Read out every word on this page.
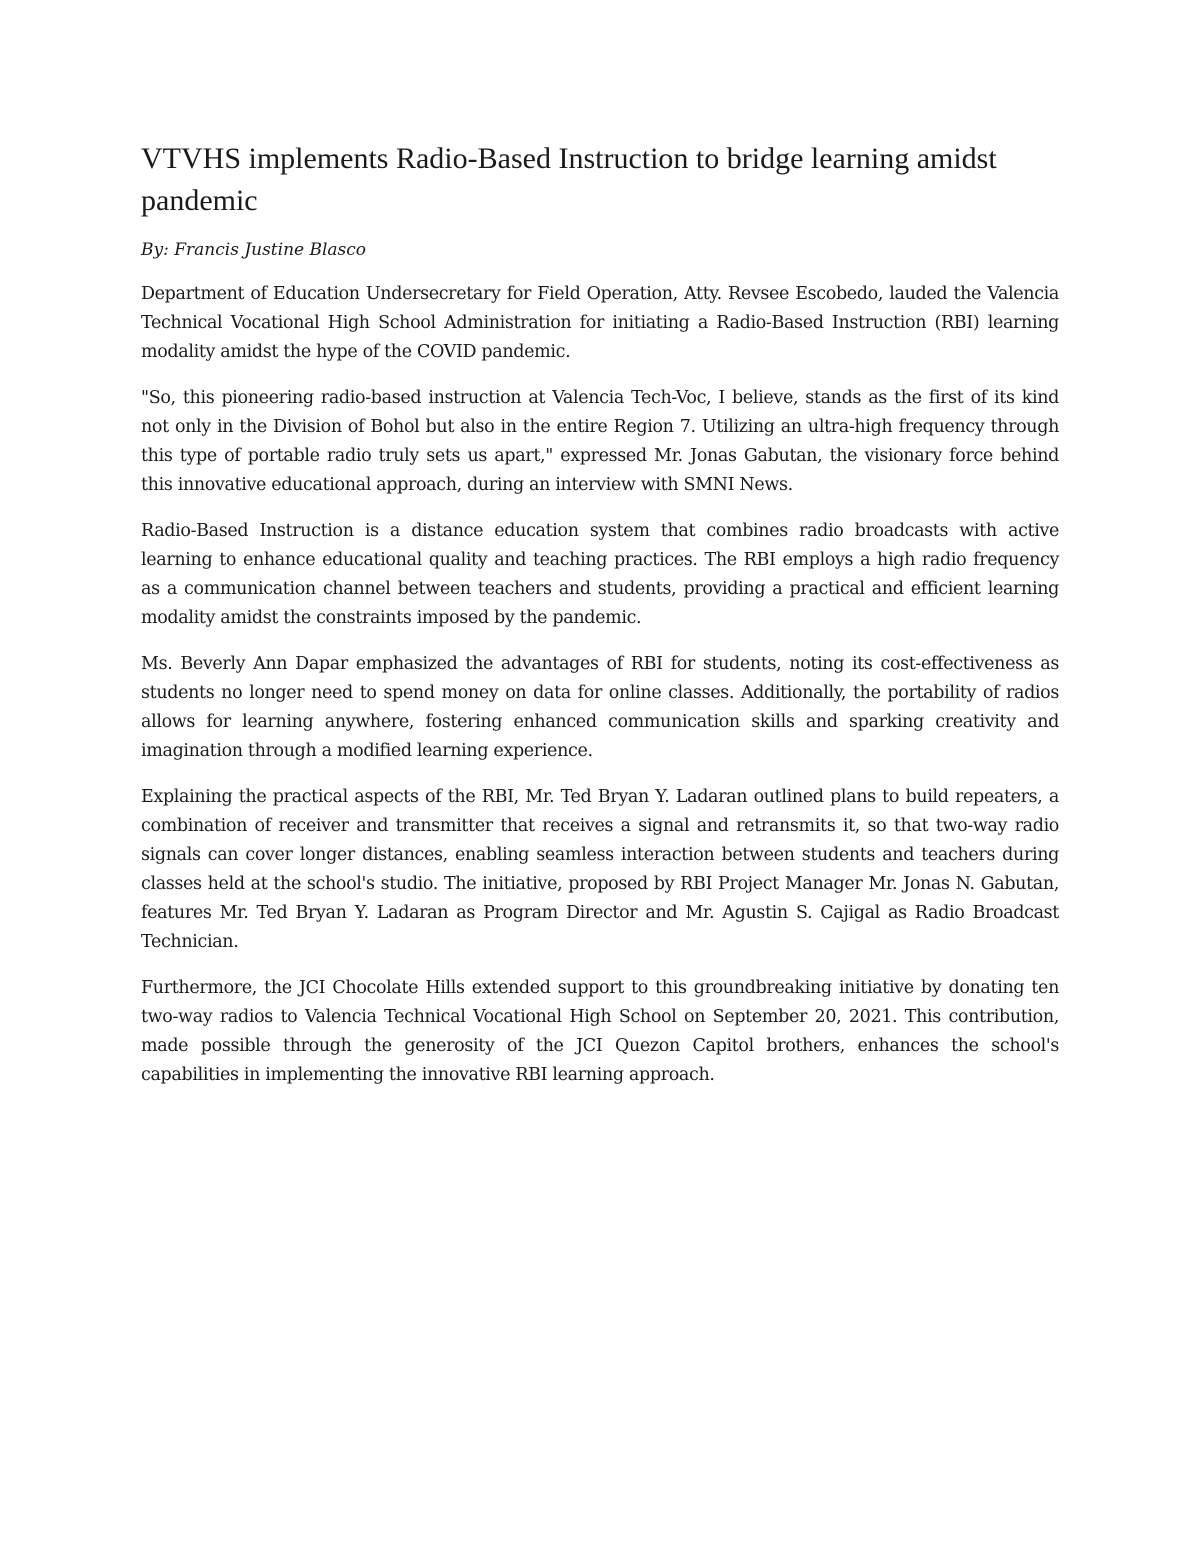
VTVHS implements Radio-Based Instruction to bridge learning amidst pandemic

By: Francis Justine Blasco

Department of Education Undersecretary for Field Operation, Atty. Revsee Escobedo, lauded the Valencia Technical Vocational High School Administration for initiating a Radio-Based Instruction (RBI) learning modality amidst the hype of the COVID pandemic.

"So, this pioneering radio-based instruction at Valencia Tech-Voc, I believe, stands as the first of its kind not only in the Division of Bohol but also in the entire Region 7. Utilizing an ultra-high frequency through this type of portable radio truly sets us apart," expressed Mr. Jonas Gabutan, the visionary force behind this innovative educational approach, during an interview with SMNI News.

Radio-Based Instruction is a distance education system that combines radio broadcasts with active learning to enhance educational quality and teaching practices. The RBI employs a high radio frequency as a communication channel between teachers and students, providing a practical and efficient learning modality amidst the constraints imposed by the pandemic.

Ms. Beverly Ann Dapar emphasized the advantages of RBI for students, noting its cost-effectiveness as students no longer need to spend money on data for online classes. Additionally, the portability of radios allows for learning anywhere, fostering enhanced communication skills and sparking creativity and imagination through a modified learning experience.

Explaining the practical aspects of the RBI, Mr. Ted Bryan Y. Ladaran outlined plans to build repeaters, a combination of receiver and transmitter that receives a signal and retransmits it, so that two-way radio signals can cover longer distances, enabling seamless interaction between students and teachers during classes held at the school's studio. The initiative, proposed by RBI Project Manager Mr. Jonas N. Gabutan, features Mr. Ted Bryan Y. Ladaran as Program Director and Mr. Agustin S. Cajigal as Radio Broadcast Technician.

Furthermore, the JCI Chocolate Hills extended support to this groundbreaking initiative by donating ten two-way radios to Valencia Technical Vocational High School on September 20, 2021. This contribution, made possible through the generosity of the JCI Quezon Capitol brothers, enhances the school's capabilities in implementing the innovative RBI learning approach.
